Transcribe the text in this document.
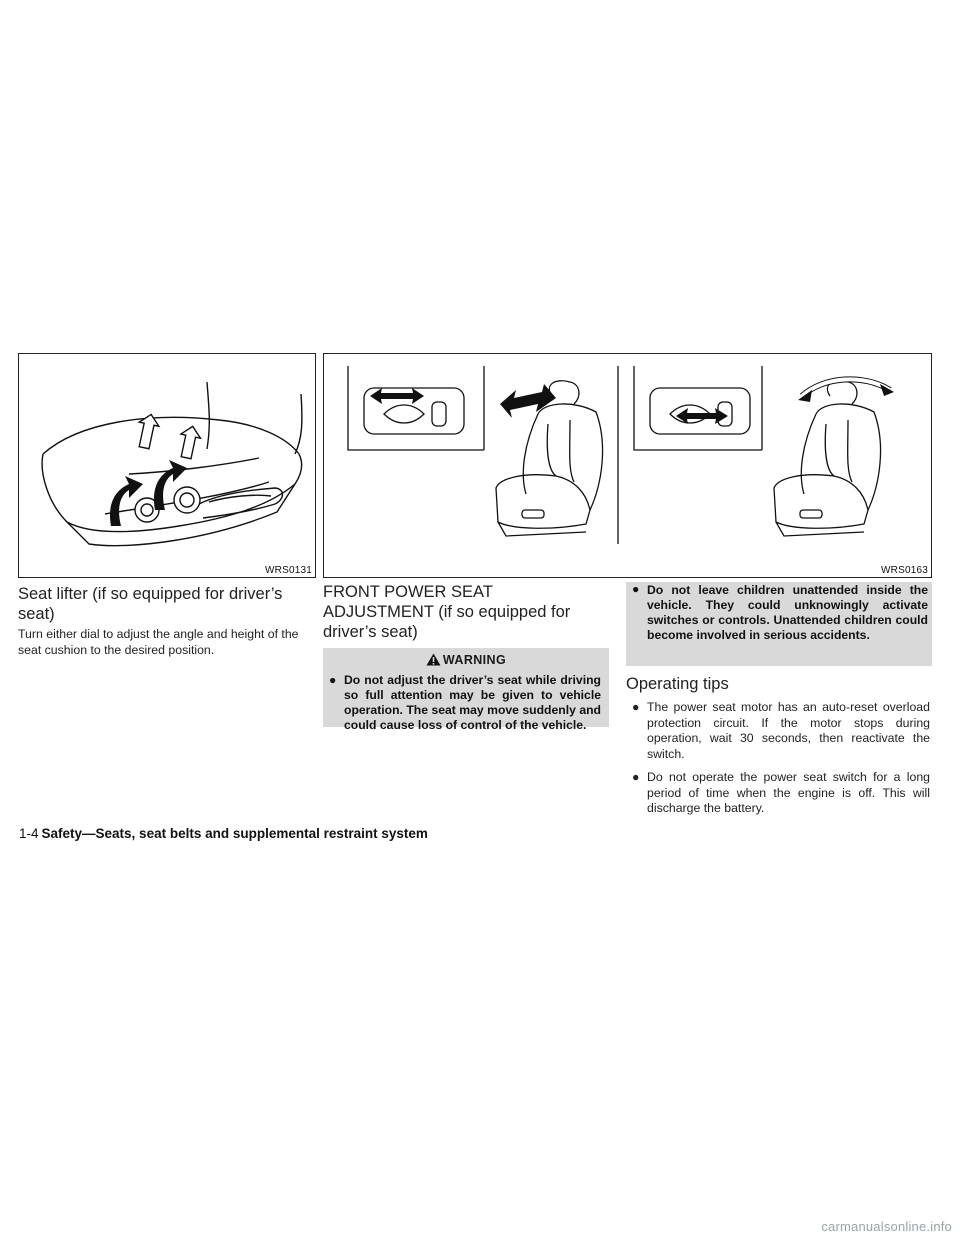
WRS0131	WRS0163
Seat lifter (if so equipped for driver’s seat)
Turn either dial to adjust the angle and height of the seat cushion to the desired position.
FRONT POWER SEAT ADJUSTMENT (if so equipped for driver’s seat)
WARNING
● Do not adjust the driver’s seat while driving so full attention may be given to vehicle operation. The seat may move suddenly and could cause loss of control of the vehicle.
● Do not leave children unattended inside the vehicle. They could unknowingly activate switches or controls. Unattended children could become involved in serious accidents.
Operating tips
● The power seat motor has an auto-reset overload protection circuit. If the motor stops during operation, wait 30 seconds, then reactivate the switch.
● Do not operate the power seat switch for a long period of time when the engine is off. This will discharge the battery.
1-4 Safety—Seats, seat belts and supplemental restraint system
carmanualsonline.info
